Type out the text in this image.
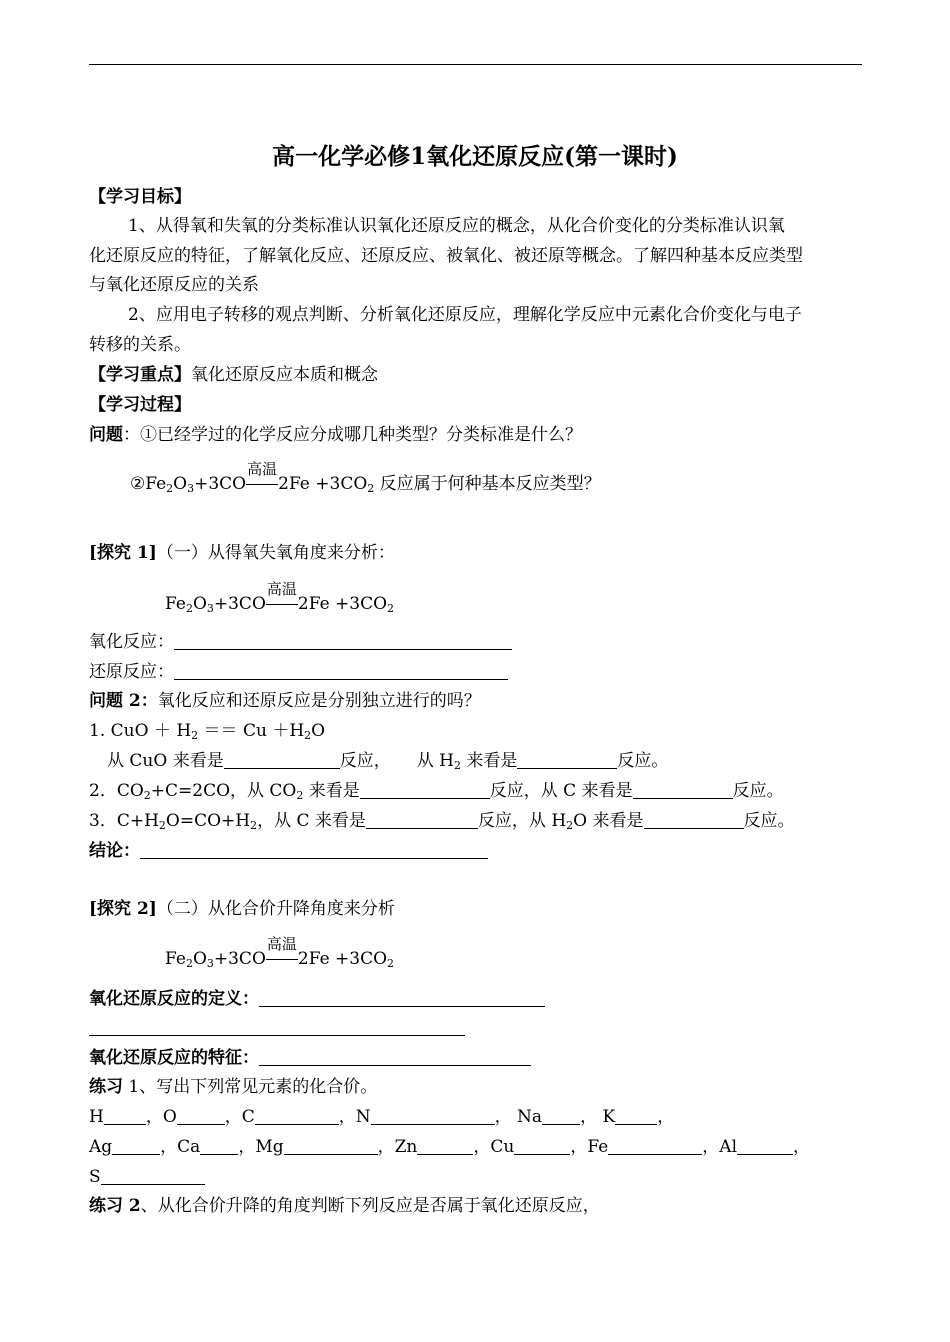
高一化学必修1氧化还原反应(第一课时)
【学习目标】
1、从得氧和失氧的分类标准认识氧化还原反应的概念，从化合价变化的分类标准认识氧
化还原反应的特征，了解氧化反应、还原反应、被氧化、被还原等概念。了解四种基本反应类型
与氧化还原反应的关系
2、应用电子转移的观点判断、分析氧化还原反应，理解化学反应中元素化合价变化与电子
转移的关系。
【学习重点】氧化还原反应本质和概念
【学习过程】
问题：①已经学过的化学反应分成哪几种类型？分类标准是什么？
$②Fe_2O_3+3CO$
高温
$2Fe +3CO_2$ 反应属于何种基本反应类型？
[探究 1]（一）从得氧失氧角度来分析：
$Fe_2O_3+3CO$
高温
$2Fe +3CO_2$
氧化反应：
还原反应：
问题 2：氧化反应和还原反应是分别独立进行的吗？
1. CuO ＋ $H_2 == Cu +H_2O$
从 CuO 来看是	反应， 从 $H_2$ 来看是	反应。
2．$CO_2+C=2CO$，从 $CO_2$ 来看是	反应，从 C 来看是	反应。
3．$C+H_2O=CO+H_2$，从 C 来看是	反应，从 $H_2O$ 来看是	反应。
结论：
[探究 2]（二）从化合价升降角度来分析
$Fe_2O_3+3CO$
高温
$2Fe +3CO_2$
氧化还原反应的定义：
氧化还原反应的特征：
练习 1、写出下列常见元素的化合价。
H ，O	，C	，N	， Na ， K ，
Ag	，Ca ，Mg	，Zn	，Cu	，Fe	，Al	，
S
练习 2、从化合价升降的角度判断下列反应是否属于氧化还原反应，
